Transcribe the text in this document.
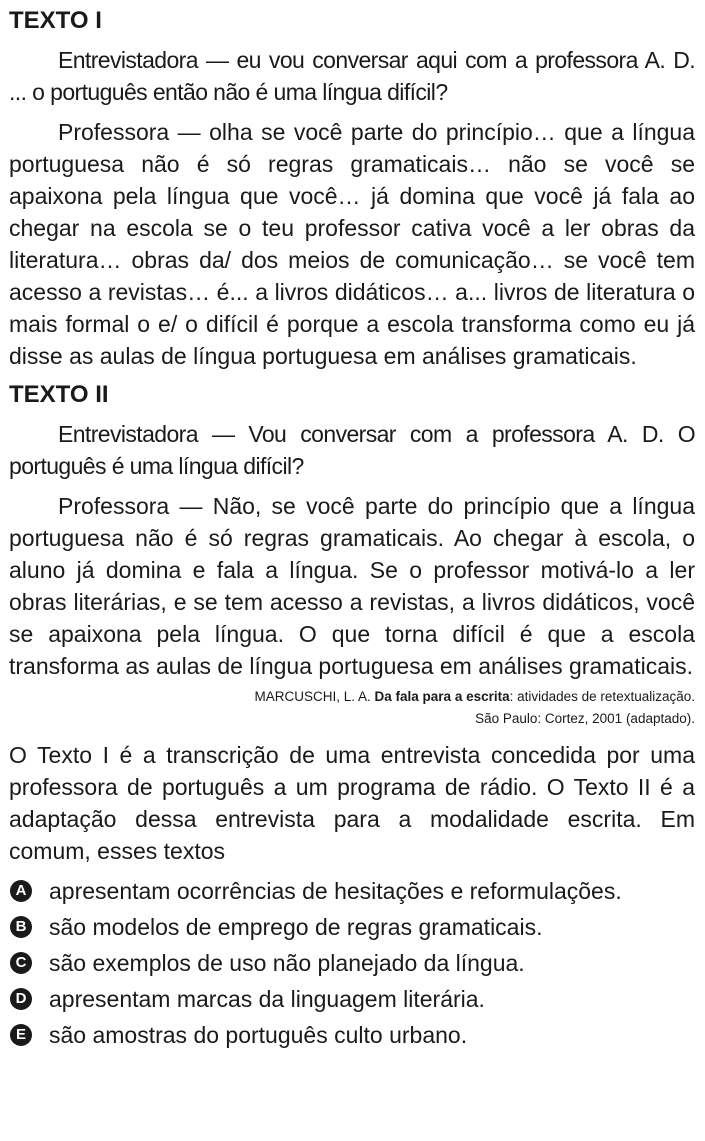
TEXTO I

Entrevistadora — eu vou conversar aqui com a professora A. D. ... o português então não é uma língua difícil?

Professora — olha se você parte do princípio… que a língua portuguesa não é só regras gramaticais… não se você se apaixona pela língua que você… já domina que você já fala ao chegar na escola se o teu professor cativa você a ler obras da literatura… obras da/ dos meios de comunicação… se você tem acesso a revistas… é... a livros didáticos… a... livros de literatura o mais formal o e/ o difícil é porque a escola transforma como eu já disse as aulas de língua portuguesa em análises gramaticais.

TEXTO II

Entrevistadora — Vou conversar com a professora A. D. O português é uma língua difícil?

Professora — Não, se você parte do princípio que a língua portuguesa não é só regras gramaticais. Ao chegar à escola, o aluno já domina e fala a língua. Se o professor motivá-lo a ler obras literárias, e se tem acesso a revistas, a livros didáticos, você se apaixona pela língua. O que torna difícil é que a escola transforma as aulas de língua portuguesa em análises gramaticais.

MARCUSCHI, L. A. Da fala para a escrita: atividades de retextualização.
São Paulo: Cortez, 2001 (adaptado).

O Texto I é a transcrição de uma entrevista concedida por uma professora de português a um programa de rádio. O Texto II é a adaptação dessa entrevista para a modalidade escrita. Em comum, esses textos

A apresentam ocorrências de hesitações e reformulações.
B são modelos de emprego de regras gramaticais.
C são exemplos de uso não planejado da língua.
D apresentam marcas da linguagem literária.
E são amostras do português culto urbano.
